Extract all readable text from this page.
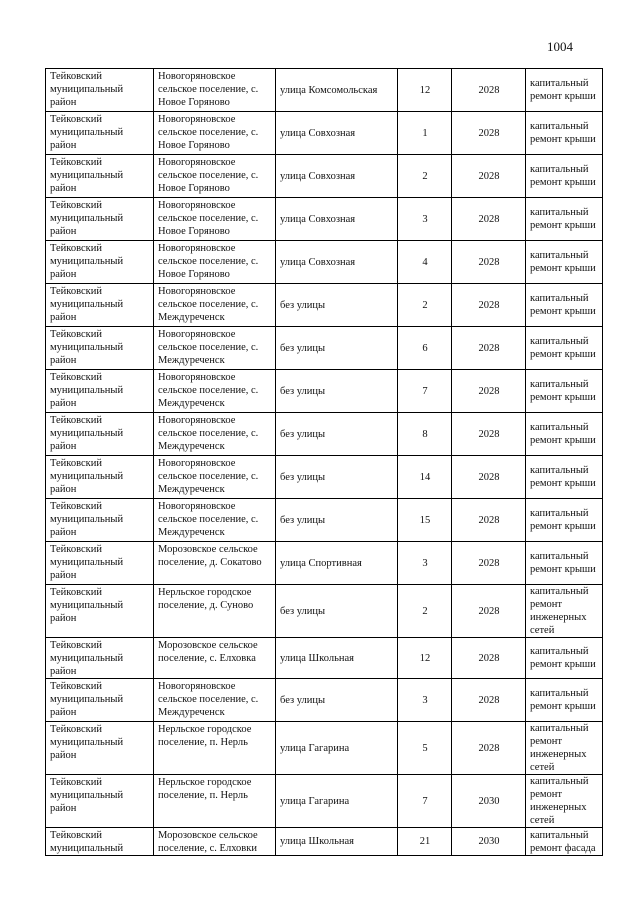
1004
Тейковский муниципальный район	Новогоряновское сельское поселение, с. Новое Горяново	улица Комсомольская	12	2028	капитальный ремонт крыши
Тейковский муниципальный район	Новогоряновское сельское поселение, с. Новое Горяново	улица Совхозная	1	2028	капитальный ремонт крыши
Тейковский муниципальный район	Новогоряновское сельское поселение, с. Новое Горяново	улица Совхозная	2	2028	капитальный ремонт крыши
Тейковский муниципальный район	Новогоряновское сельское поселение, с. Новое Горяново	улица Совхозная	3	2028	капитальный ремонт крыши
Тейковский муниципальный район	Новогоряновское сельское поселение, с. Новое Горяново	улица Совхозная	4	2028	капитальный ремонт крыши
Тейковский муниципальный район	Новогоряновское сельское поселение, с. Междуреченск	без улицы	2	2028	капитальный ремонт крыши
Тейковский муниципальный район	Новогоряновское сельское поселение, с. Междуреченск	без улицы	6	2028	капитальный ремонт крыши
Тейковский муниципальный район	Новогоряновское сельское поселение, с. Междуреченск	без улицы	7	2028	капитальный ремонт крыши
Тейковский муниципальный район	Новогоряновское сельское поселение, с. Междуреченск	без улицы	8	2028	капитальный ремонт крыши
Тейковский муниципальный район	Новогоряновское сельское поселение, с. Междуреченск	без улицы	14	2028	капитальный ремонт крыши
Тейковский муниципальный район	Новогоряновское сельское поселение, с. Междуреченск	без улицы	15	2028	капитальный ремонт крыши
Тейковский муниципальный район	Морозовское сельское поселение, д. Сокатово	улица Спортивная	3	2028	капитальный ремонт крыши
Тейковский муниципальный район	Нерльское городское поселение, д. Суново	без улицы	2	2028	капитальный ремонт инженерных сетей
Тейковский муниципальный район	Морозовское сельское поселение, с. Елховка	улица Школьная	12	2028	капитальный ремонт крыши
Тейковский муниципальный район	Новогоряновское сельское поселение, с. Междуреченск	без улицы	3	2028	капитальный ремонт крыши
Тейковский муниципальный район	Нерльское городское поселение, п. Нерль	улица Гагарина	5	2028	капитальный ремонт инженерных сетей
Тейковский муниципальный район	Нерльское городское поселение, п. Нерль	улица Гагарина	7	2030	капитальный ремонт инженерных сетей
Тейковский муниципальный	Морозовское сельское поселение, с. Елховки	улица Школьная	21	2030	капитальный ремонт фасада
